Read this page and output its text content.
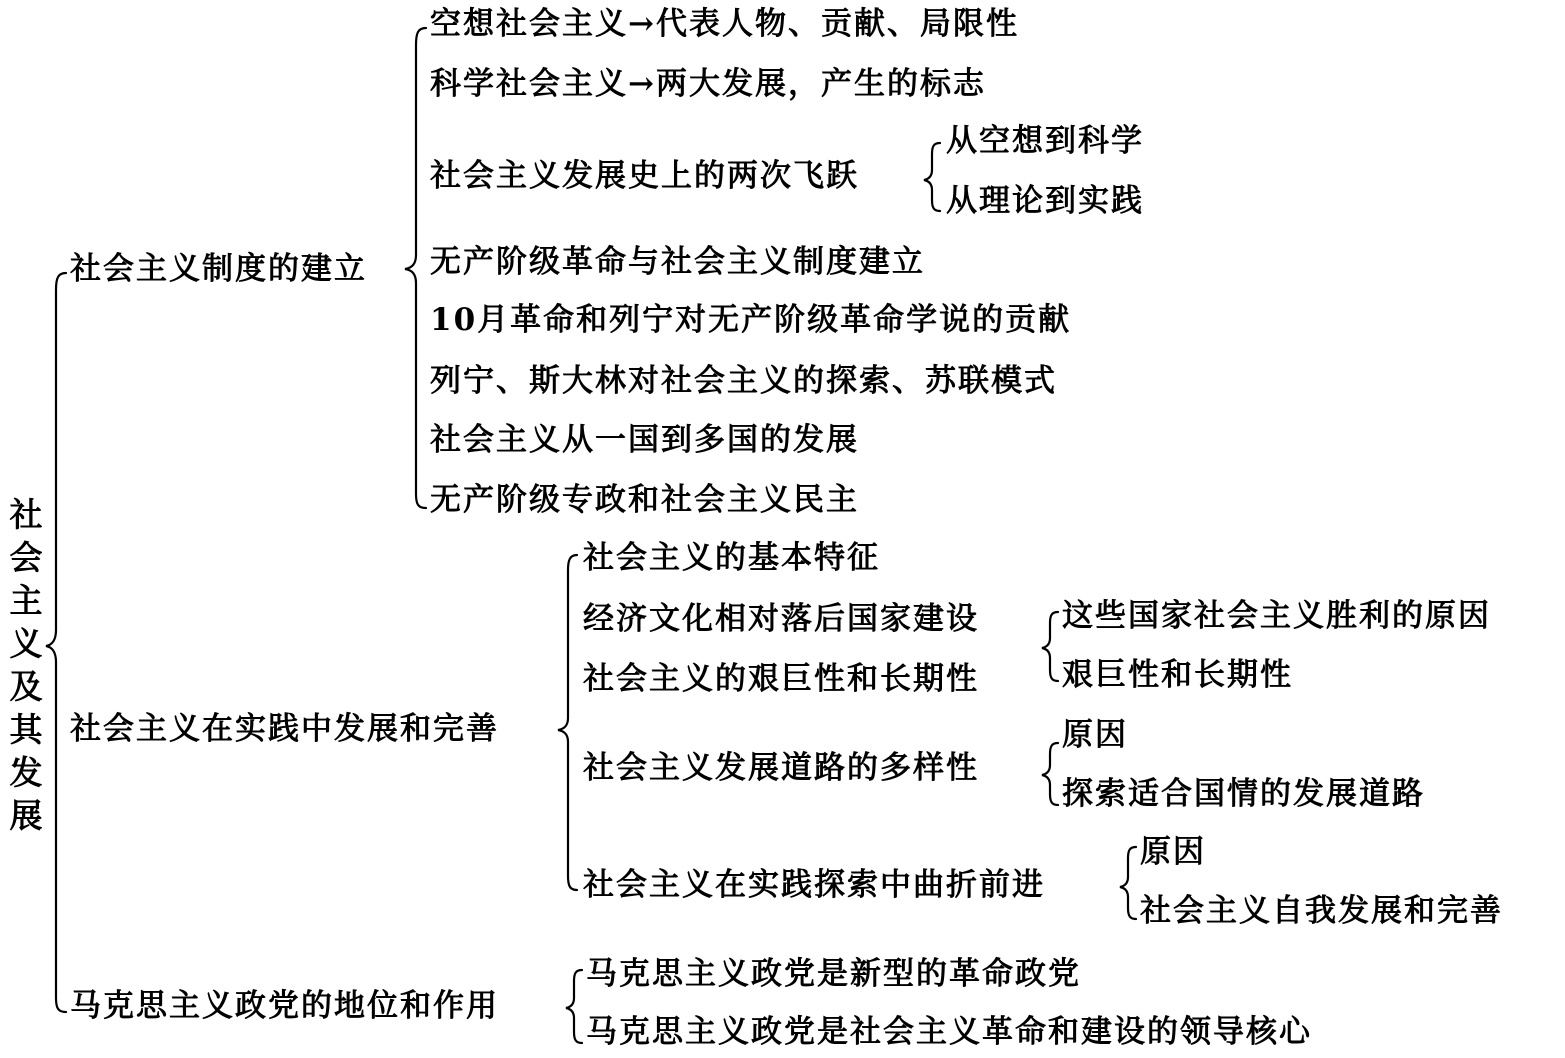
社会主义及其发展
社会主义制度的建立
社会主义在实践中发展和完善
马克思主义政党的地位和作用
空想社会主义→代表人物、贡献、局限性
科学社会主义→两大发展，产生的标志
社会主义发展史上的两次飞跃
从空想到科学
从理论到实践
无产阶级革命与社会主义制度建立
10月革命和列宁对无产阶级革命学说的贡献
列宁、斯大林对社会主义的探索、苏联模式
社会主义从一国到多国的发展
无产阶级专政和社会主义民主
社会主义的基本特征
经济文化相对落后国家建设
社会主义的艰巨性和长期性
这些国家社会主义胜利的原因
艰巨性和长期性
社会主义发展道路的多样性
原因
探索适合国情的发展道路
社会主义在实践探索中曲折前进
原因
社会主义自我发展和完善
马克思主义政党是新型的革命政党
马克思主义政党是社会主义革命和建设的领导核心
